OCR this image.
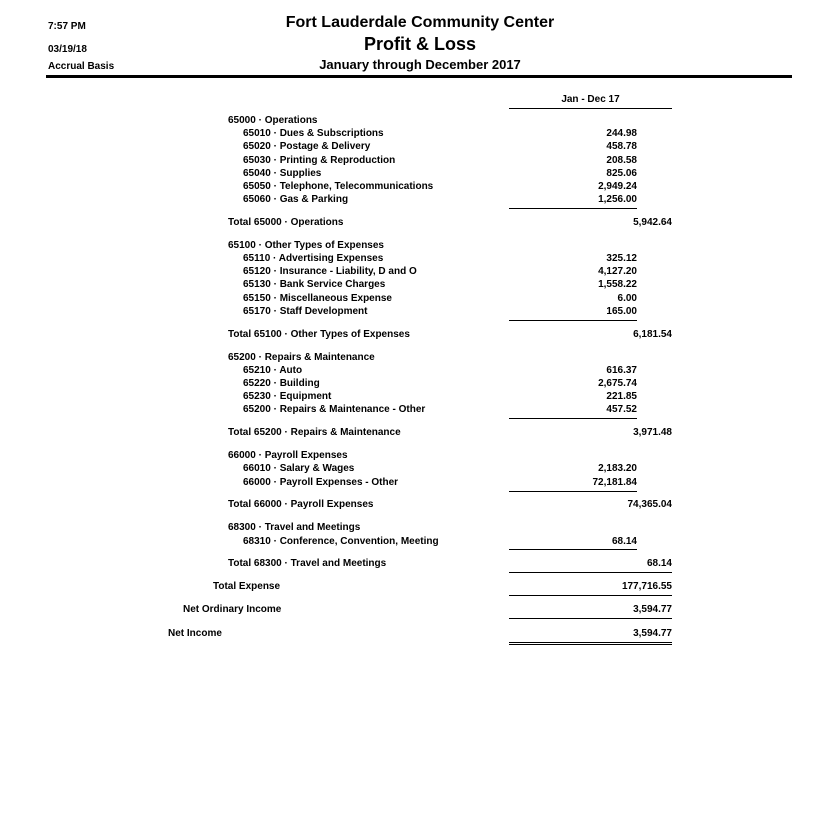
7:57 PM
03/19/18
Accrual Basis
Fort Lauderdale Community Center
Profit & Loss
January through December 2017
Jan - Dec 17
65000 · Operations
65010 · Dues & Subscriptions	244.98
65020 · Postage & Delivery	458.78
65030 · Printing & Reproduction	208.58
65040 · Supplies	825.06
65050 · Telephone, Telecommunications	2,949.24
65060 · Gas & Parking	1,256.00
Total 65000 · Operations	5,942.64
65100 · Other Types of Expenses
65110 · Advertising Expenses	325.12
65120 · Insurance - Liability, D and O	4,127.20
65130 · Bank Service Charges	1,558.22
65150 · Miscellaneous Expense	6.00
65170 · Staff Development	165.00
Total 65100 · Other Types of Expenses	6,181.54
65200 · Repairs & Maintenance
65210 · Auto	616.37
65220 · Building	2,675.74
65230 · Equipment	221.85
65200 · Repairs & Maintenance - Other	457.52
Total 65200 · Repairs & Maintenance	3,971.48
66000 · Payroll Expenses
66010 · Salary & Wages	2,183.20
66000 · Payroll Expenses - Other	72,181.84
Total 66000 · Payroll Expenses	74,365.04
68300 · Travel and Meetings
68310 · Conference, Convention, Meeting	68.14
Total 68300 · Travel and Meetings	68.14
Total Expense	177,716.55
Net Ordinary Income	3,594.77
Net Income	3,594.77
